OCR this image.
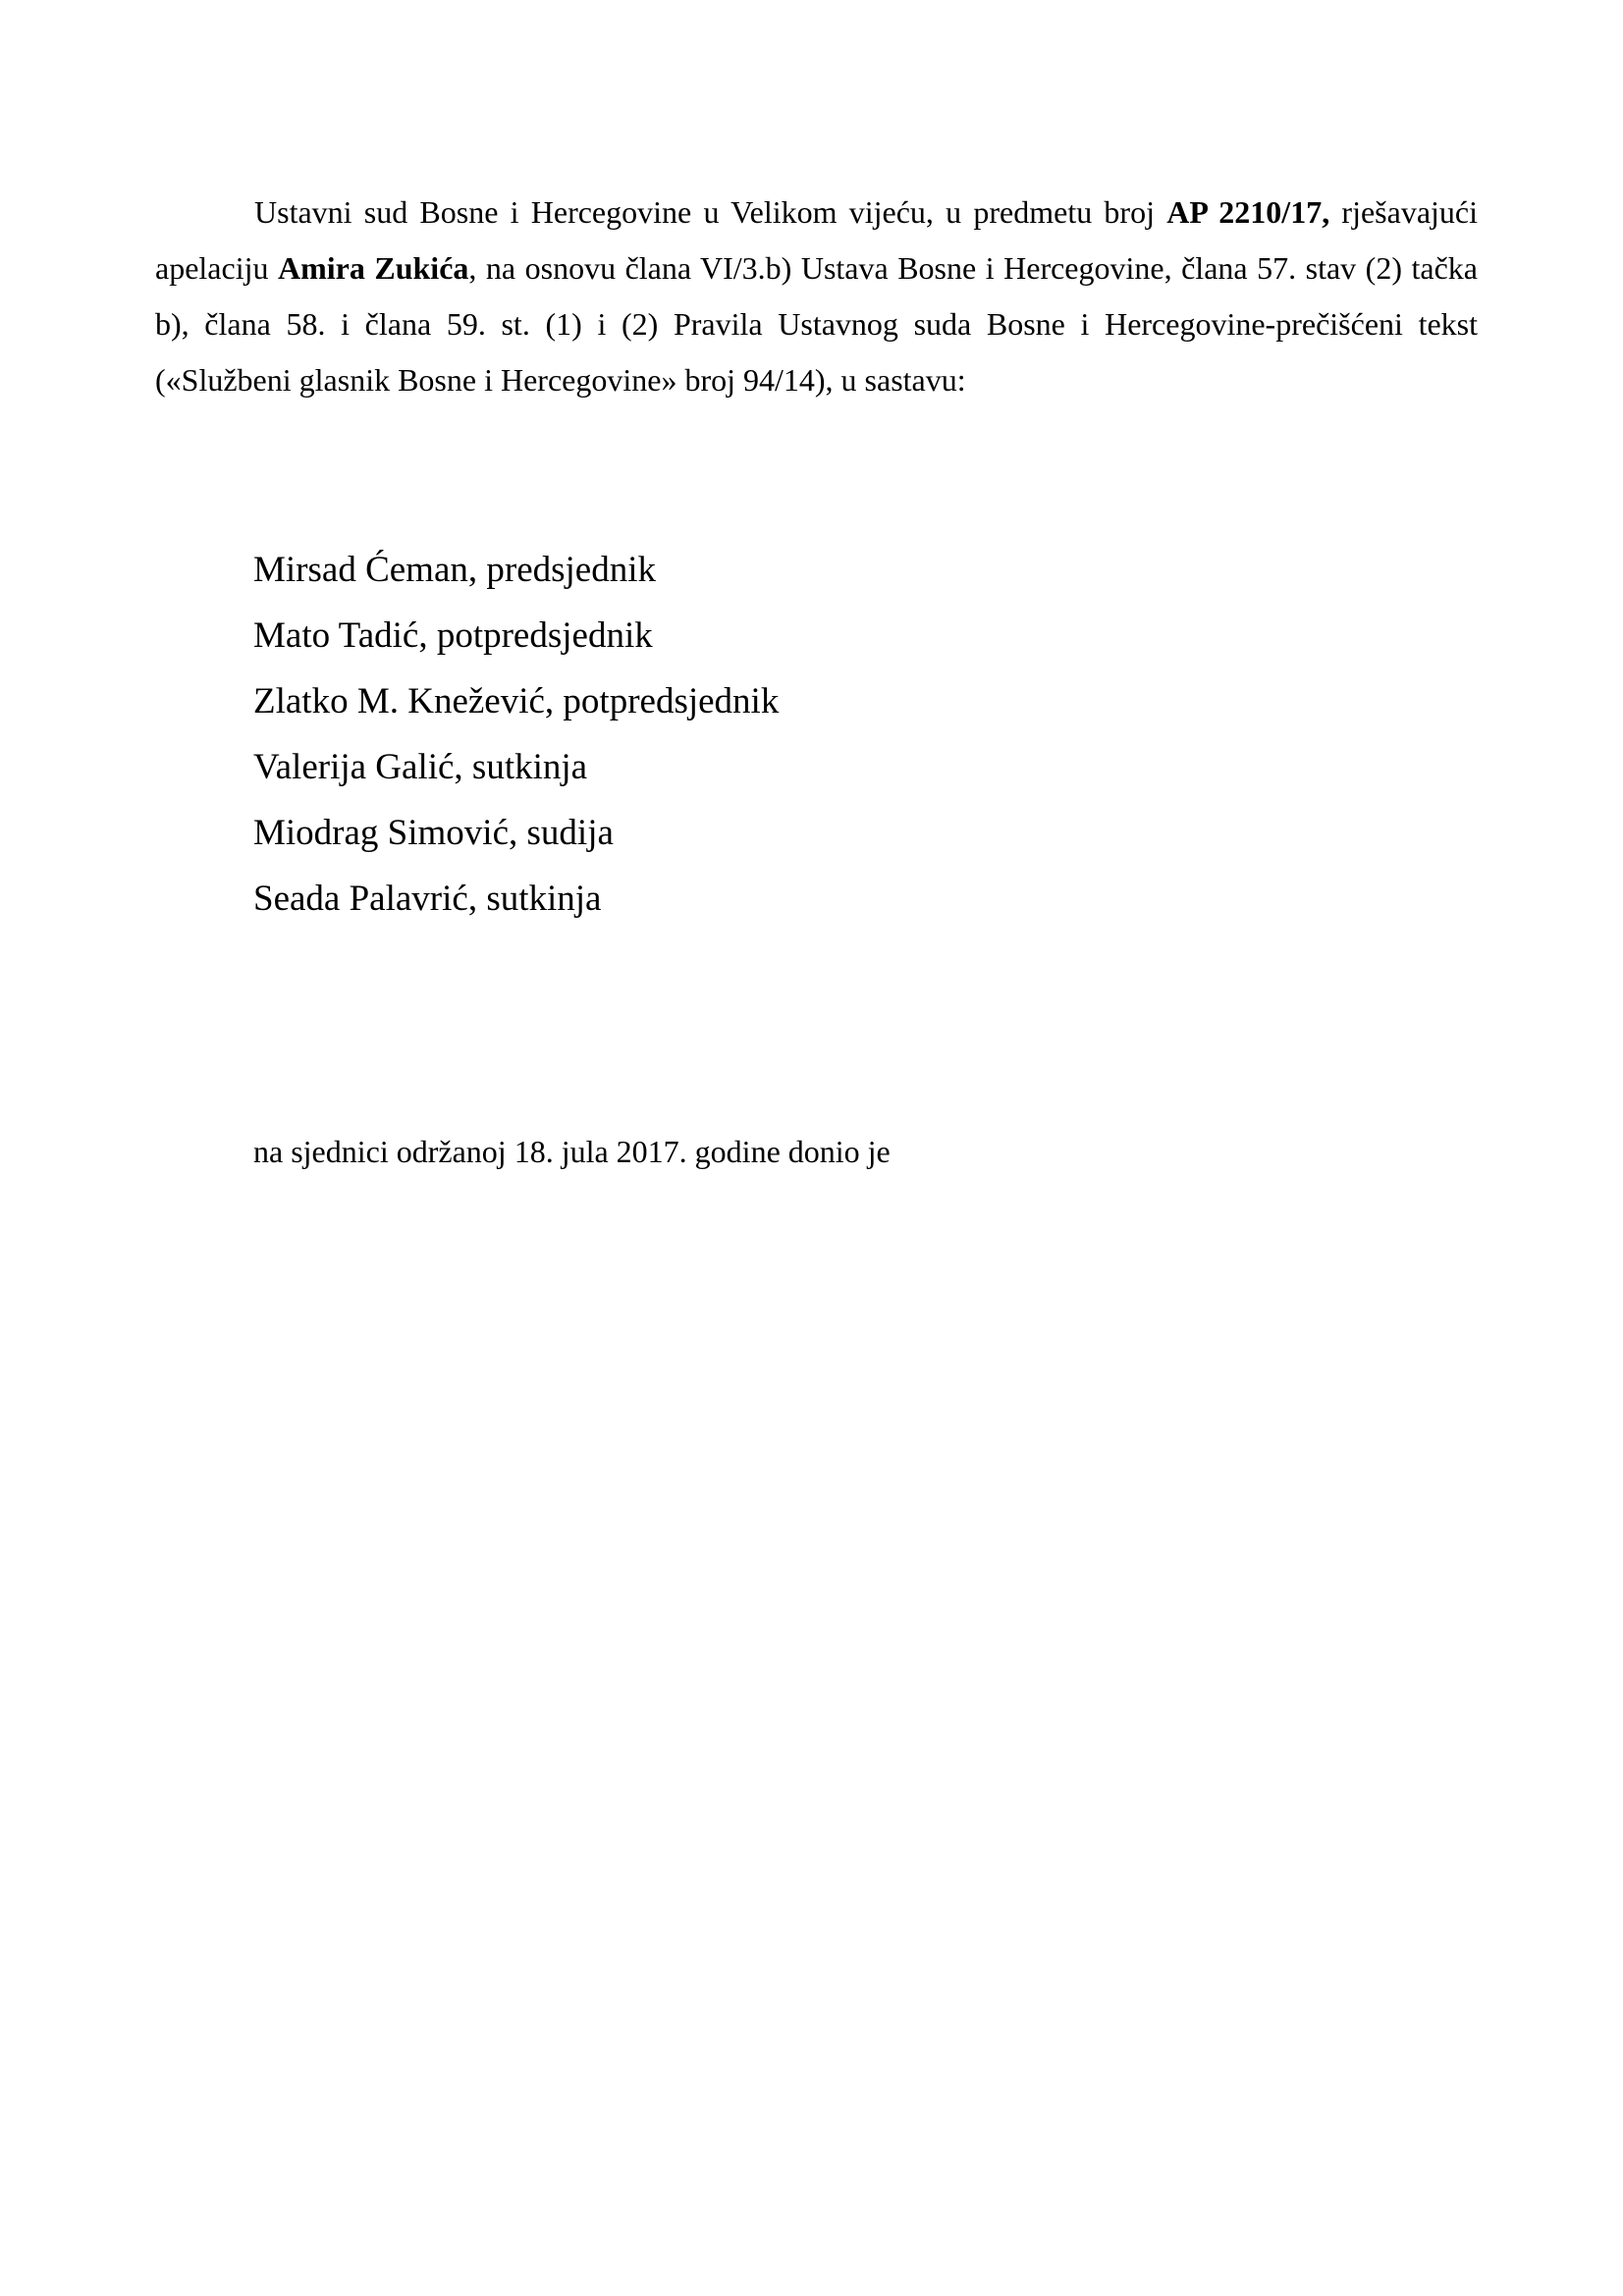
Ustavni sud Bosne i Hercegovine u Velikom vijeću, u predmetu broj AP 2210/17, rješavajući apelaciju Amira Zukića, na osnovu člana VI/3.b) Ustava Bosne i Hercegovine, člana 57. stav (2) tačka b), člana 58. i člana 59. st. (1) i (2) Pravila Ustavnog suda Bosne i Hercegovine-prečišćeni tekst («Službeni glasnik Bosne i Hercegovine» broj 94/14), u sastavu:

Mirsad Ćeman, predsjednik
Mato Tadić, potpredsjednik
Zlatko M. Knežević, potpredsjednik
Valerija Galić, sutkinja
Miodrag Simović, sudija
Seada Palavrić, sutkinja

na sjednici održanoj 18. jula 2017. godine donio je
